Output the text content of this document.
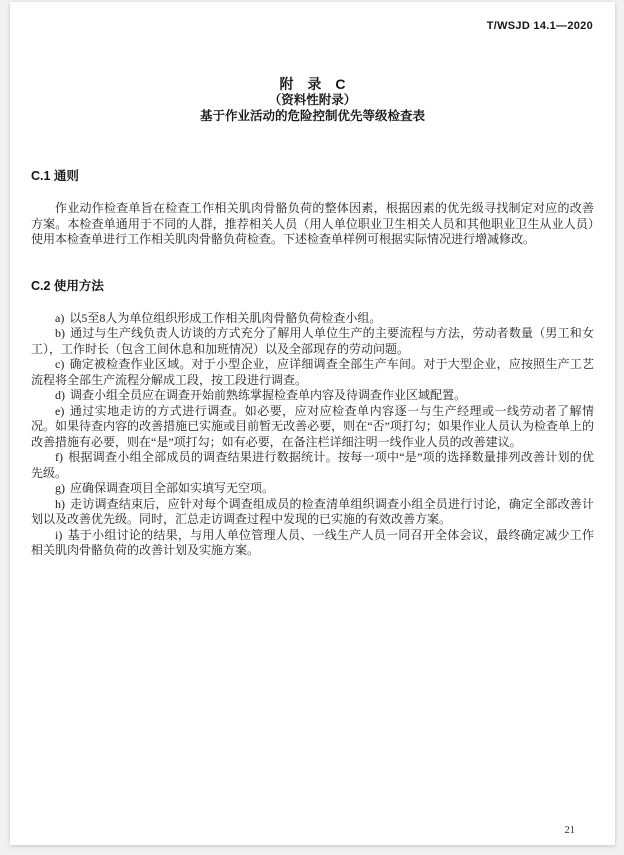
T/WSJD 14.1—2020
附　录　C
（资料性附录）
基于作业活动的危险控制优先等级检查表
C.1 通则

作业动作检查单旨在检查工作相关肌肉骨骼负荷的整体因素，根据因素的优先级寻找制定对应的改善方案。本检查单通用于不同的人群，推荐相关人员（用人单位职业卫生相关人员和其他职业卫生从业人员）使用本检查单进行工作相关肌肉骨骼负荷检查。下述检查单样例可根据实际情况进行增减修改。

C.2 使用方法

a) 以5至8人为单位组织形成工作相关肌肉骨骼负荷检查小组。

b) 通过与生产线负责人访谈的方式充分了解用人单位生产的主要流程与方法，劳动者数量（男工和女工），工作时长（包含工间休息和加班情况）以及全部现存的劳动问题。

c) 确定被检查作业区域。对于小型企业，应详细调查全部生产车间。对于大型企业，应按照生产工艺流程将全部生产流程分解成工段，按工段进行调查。

d) 调查小组全员应在调查开始前熟练掌握检查单内容及待调查作业区域配置。

e) 通过实地走访的方式进行调查。如必要，应对应检查单内容逐一与生产经理或一线劳动者了解情况。如果待查内容的改善措施已实施或目前暂无改善必要，则在“否”项打勾；如果作业人员认为检查单上的改善措施有必要，则在“是”项打勾；如有必要，在备注栏详细注明一线作业人员的改善建议。

f) 根据调查小组全部成员的调查结果进行数据统计。按每一项中“是”项的选择数量排列改善计划的优先级。

g) 应确保调查项目全部如实填写无空项。

h) 走访调查结束后，应针对每个调查组成员的检查清单组织调查小组全员进行讨论，确定全部改善计划以及改善优先级。同时，汇总走访调查过程中发现的已实施的有效改善方案。

i) 基于小组讨论的结果，与用人单位管理人员、一线生产人员一同召开全体会议，最终确定减少工作相关肌肉骨骼负荷的改善计划及实施方案。

21
